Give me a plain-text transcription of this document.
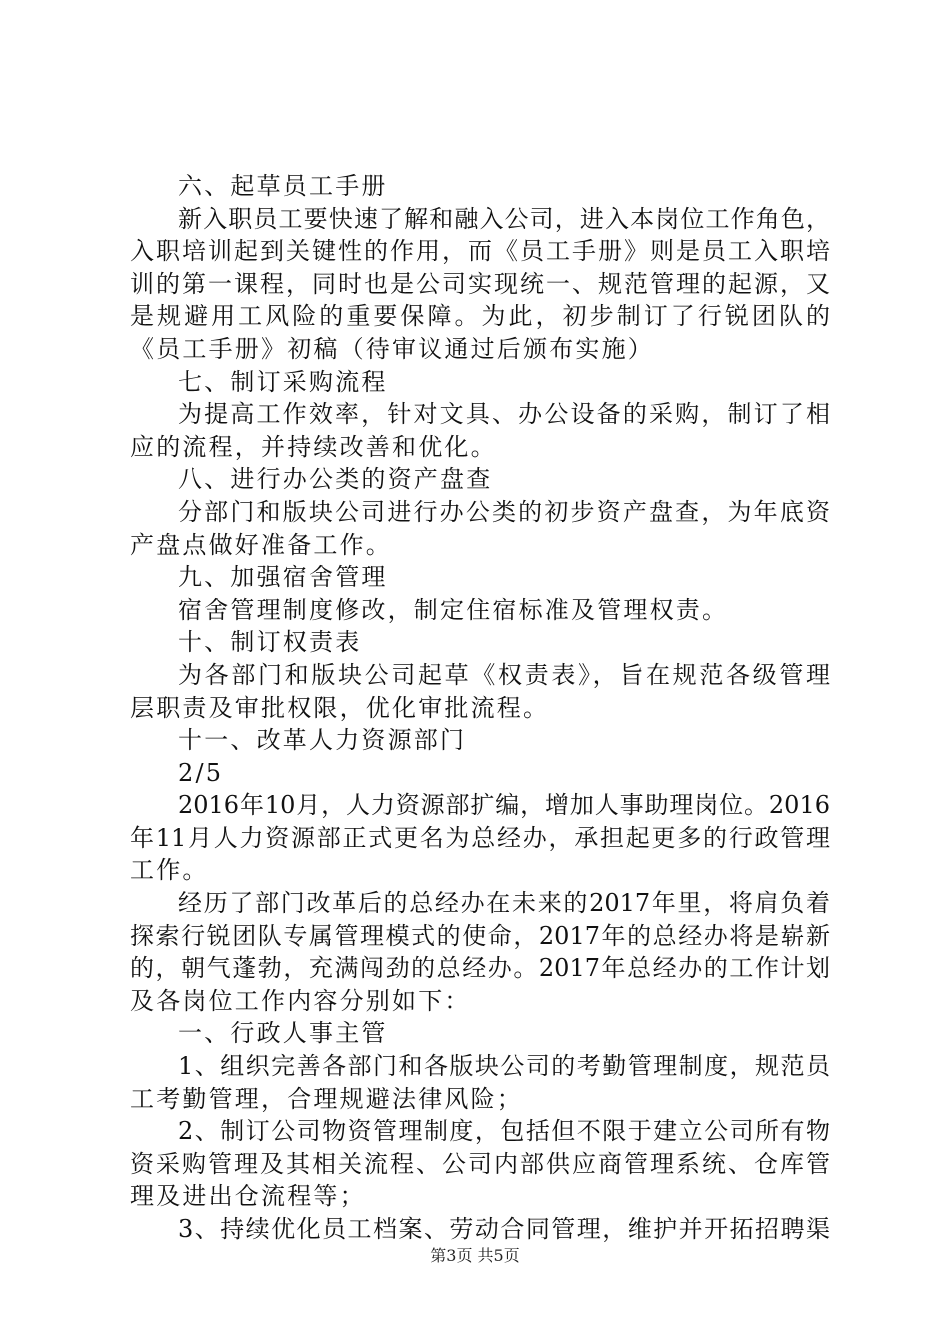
六、起草员工手册
新入职员工要快速了解和融入公司，进入本岗位工作角色，
入职培训起到关键性的作用，而《员工手册》则是员工入职培
训的第一课程，同时也是公司实现统一、规范管理的起源，又
是规避用工风险的重要保障。为此，初步制订了行锐团队的
《员工手册》初稿（待审议通过后颁布实施）
七、制订采购流程
为提高工作效率，针对文具、办公设备的采购，制订了相
应的流程，并持续改善和优化。
八、进行办公类的资产盘查
分部门和版块公司进行办公类的初步资产盘查，为年底资
产盘点做好准备工作。
九、加强宿舍管理
宿舍管理制度修改，制定住宿标准及管理权责。
十、制订权责表
为各部门和版块公司起草《权责表》，旨在规范各级管理
层职责及审批权限，优化审批流程。
十一、改革人力资源部门
2/5
2016年10月，人力资源部扩编，增加人事助理岗位。2016
年11月人力资源部正式更名为总经办，承担起更多的行政管理
工作。
经历了部门改革后的总经办在未来的2017年里，将肩负着
探索行锐团队专属管理模式的使命，2017年的总经办将是崭新
的，朝气蓬勃，充满闯劲的总经办。2017年总经办的工作计划
及各岗位工作内容分别如下：
一、行政人事主管
1、组织完善各部门和各版块公司的考勤管理制度，规范员
工考勤管理，合理规避法律风险；
2、制订公司物资管理制度，包括但不限于建立公司所有物
资采购管理及其相关流程、公司内部供应商管理系统、仓库管
理及进出仓流程等；
3、持续优化员工档案、劳动合同管理，维护并开拓招聘渠
第3页 共5页
